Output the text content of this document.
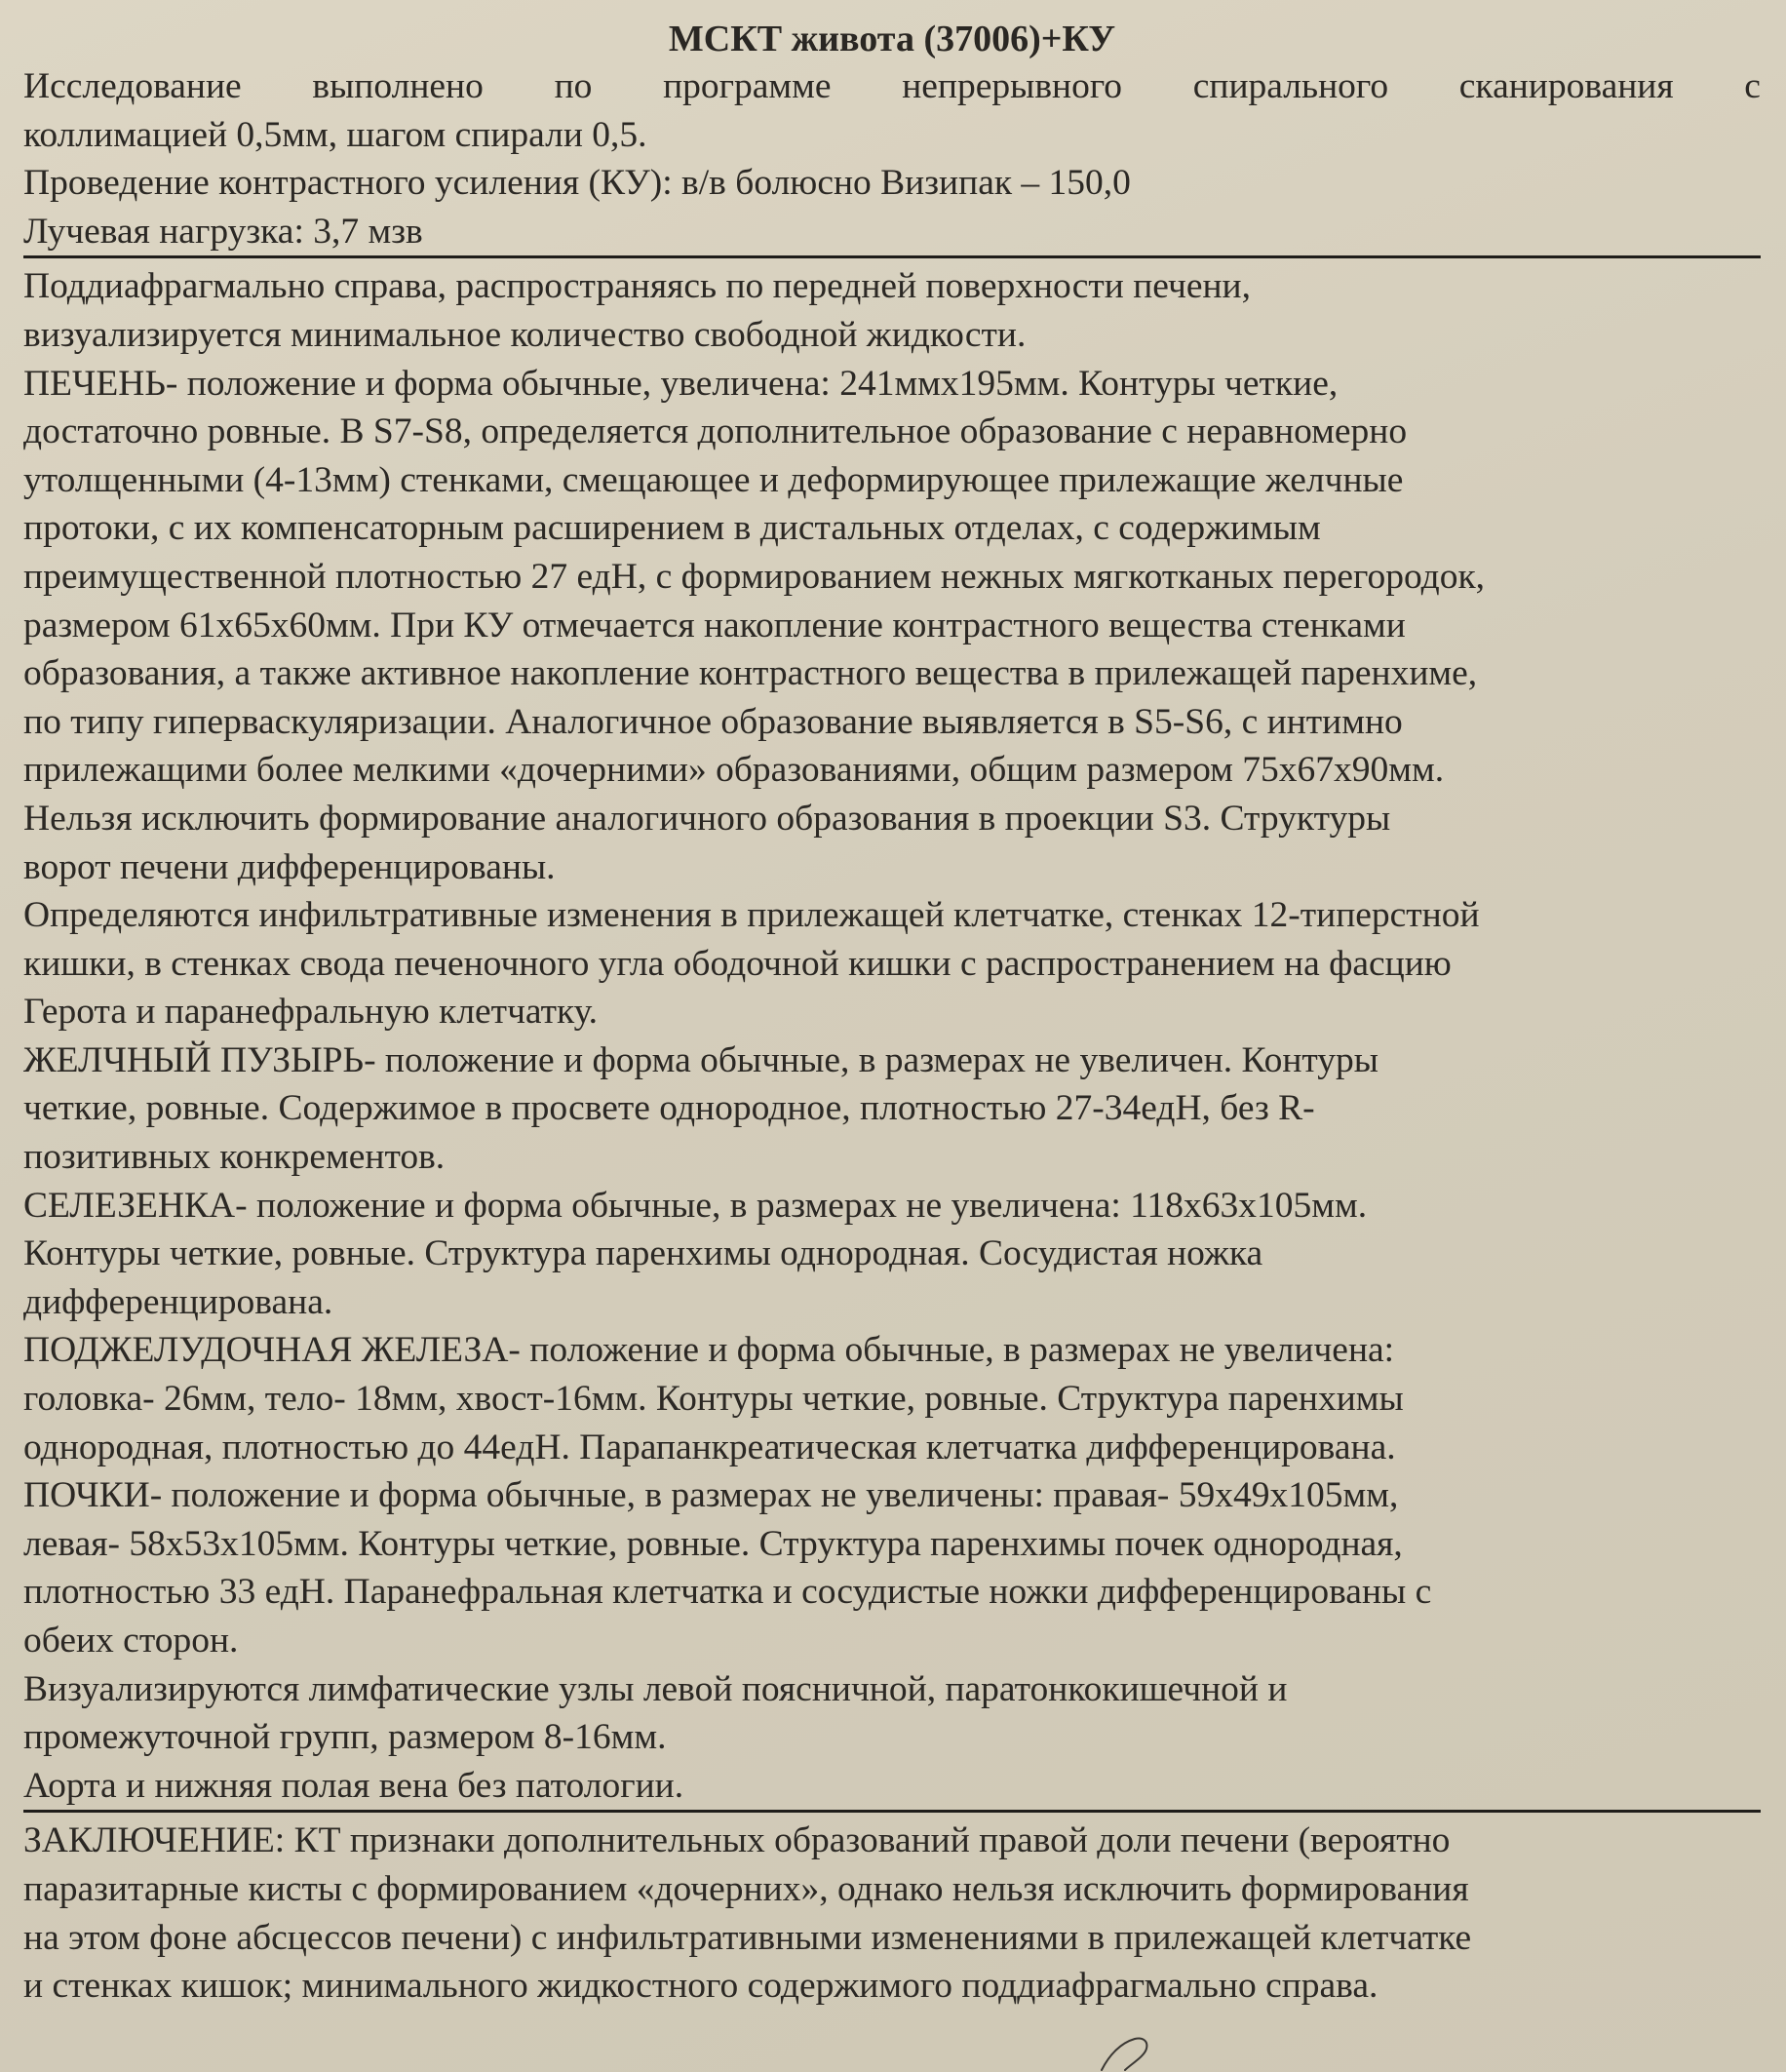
МСКТ живота (37006)+КУ
Исследование выполнено по программе непрерывного спирального сканирования с
коллимацией 0,5мм, шагом спирали 0,5.
Проведение контрастного усиления (КУ): в/в болюсно Визипак – 150,0
Лучевая нагрузка: 3,7 мзв
Поддиафрагмально справа, распространяясь по передней поверхности печени,
визуализируется минимальное количество свободной жидкости.
ПЕЧЕНЬ- положение и форма обычные, увеличена: 241ммх195мм. Контуры четкие,
достаточно ровные. В S7-S8, определяется дополнительное образование с неравномерно
утолщенными (4-13мм) стенками, смещающее и деформирующее прилежащие желчные
протоки, с их компенсаторным расширением в дистальных отделах, с содержимым
преимущественной плотностью 27 едН, с формированием нежных мягкотканых перегородок,
размером 61х65х60мм. При КУ отмечается накопление контрастного вещества стенками
образования, а также активное накопление контрастного вещества в прилежащей паренхиме,
по типу гиперваскуляризации. Аналогичное образование выявляется в S5-S6, с интимно
прилежащими более мелкими «дочерними» образованиями, общим размером 75х67х90мм.
Нельзя исключить формирование аналогичного образования в проекции S3. Структуры
ворот печени дифференцированы.
Определяются инфильтративные изменения в прилежащей клетчатке, стенках 12-типерстной
кишки, в стенках свода печеночного угла ободочной кишки с распространением на фасцию
Герота и паранефральную клетчатку.
ЖЕЛЧНЫЙ ПУЗЫРЬ- положение и форма обычные, в размерах не увеличен. Контуры
четкие, ровные. Содержимое в просвете однородное, плотностью 27-34едН, без R-
позитивных конкрементов.
СЕЛЕЗЕНКА- положение и форма обычные, в размерах не увеличена: 118х63х105мм.
Контуры четкие, ровные. Структура паренхимы однородная. Сосудистая ножка
дифференцирована.
ПОДЖЕЛУДОЧНАЯ ЖЕЛЕЗА- положение и форма обычные, в размерах не увеличена:
головка- 26мм, тело- 18мм, хвост-16мм. Контуры четкие, ровные. Структура паренхимы
однородная, плотностью до 44едН. Парапанкреатическая клетчатка дифференцирована.
ПОЧКИ- положение и форма обычные, в размерах не увеличены: правая- 59х49х105мм,
левая- 58х53х105мм. Контуры четкие, ровные. Структура паренхимы почек однородная,
плотностью 33 едН. Паранефральная клетчатка и сосудистые ножки дифференцированы с
обеих сторон.
Визуализируются лимфатические узлы левой поясничной, паратонкокишечной и
промежуточной групп, размером 8-16мм.
Аорта и нижняя полая вена без патологии.
ЗАКЛЮЧЕНИЕ: КТ признаки дополнительных образований правой доли печени (вероятно
паразитарные кисты с формированием «дочерних», однако нельзя исключить формирования
на этом фоне абсцессов печени) с инфильтративными изменениями в прилежащей клетчатке
и стенках кишок; минимального жидкостного содержимого поддиафрагмально справа.
